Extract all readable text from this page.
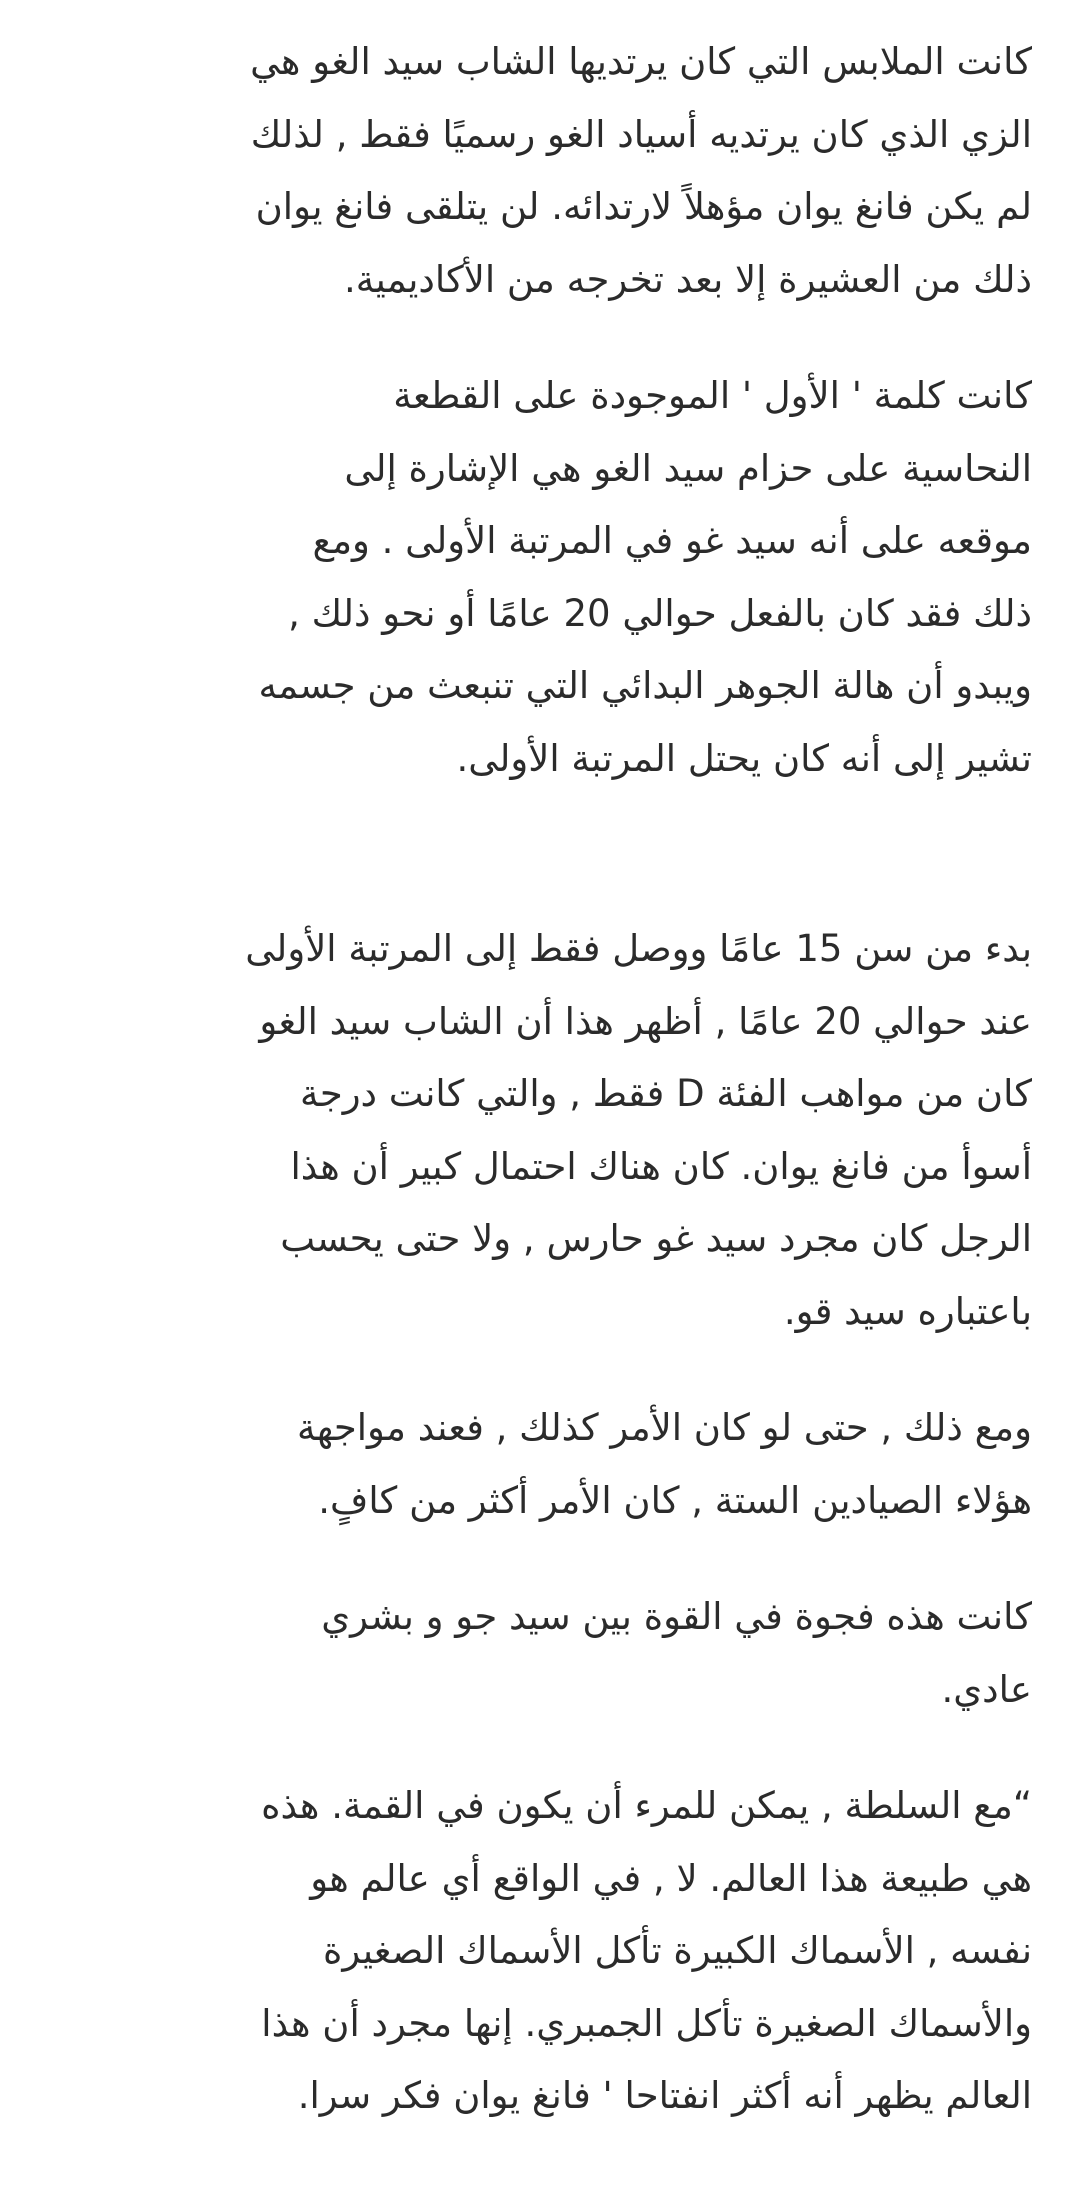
كانت الملابس التي كان يرتديها الشاب سيد الغو هي
الزي الذي كان يرتديه أسياد الغو رسميًا فقط , لذلك
لم يكن فانغ يوان مؤهلاً لارتدائه. لن يتلقى فانغ يوان
ذلك من العشيرة إلا بعد تخرجه من الأكاديمية.

كانت كلمة ' الأول ' الموجودة على القطعة
النحاسية على حزام سيد الغو هي الإشارة إلى
موقعه على أنه سيد غو في المرتبة الأولى . ومع
ذلك فقد كان بالفعل حوالي 20 عامًا أو نحو ذلك ,
ويبدو أن هالة الجوهر البدائي التي تنبعث من جسمه
تشير إلى أنه كان يحتل المرتبة الأولى.

بدء من سن 15 عامًا ووصل فقط إلى المرتبة الأولى
عند حوالي 20 عامًا , أظهر هذا أن الشاب سيد الغو
كان من مواهب الفئة D فقط , والتي كانت درجة
أسوأ من فانغ يوان. كان هناك احتمال كبير أن هذا
الرجل كان مجرد سيد غو حارس , ولا حتى يحسب
باعتباره سيد قو.

ومع ذلك , حتى لو كان الأمر كذلك , فعند مواجهة
هؤلاء الصيادين الستة , كان الأمر أكثر من كافٍ.

كانت هذه فجوة في القوة بين سيد جو و بشري
عادي.

“مع السلطة , يمكن للمرء أن يكون في القمة. هذه
هي طبيعة هذا العالم. لا , في الواقع أي عالم هو
نفسه , الأسماك الكبيرة تأكل الأسماك الصغيرة
والأسماك الصغيرة تأكل الجمبري. إنها مجرد أن هذا
العالم يظهر أنه أكثر انفتاحا ' فانغ يوان فكر سرا.
